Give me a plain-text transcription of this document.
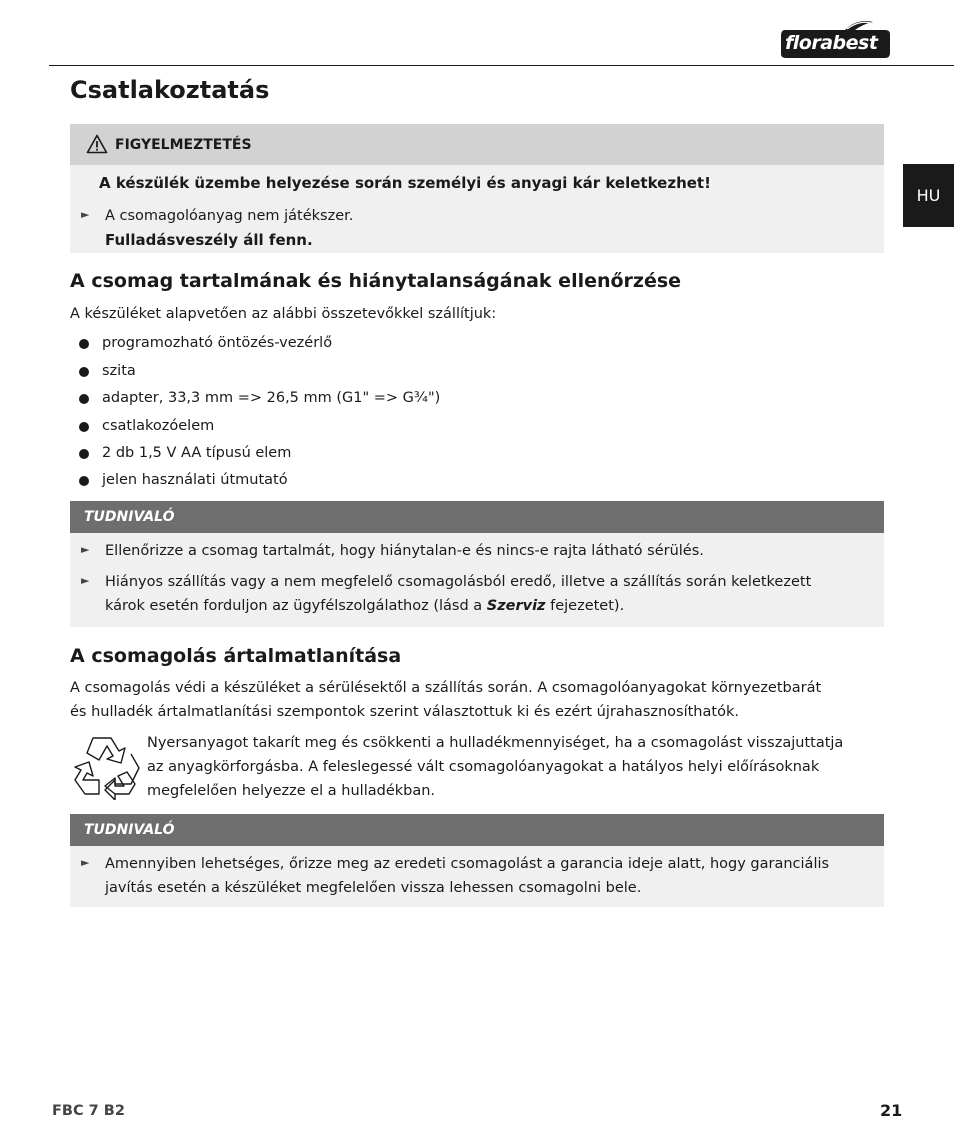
florabest
HU
Csatlakoztatás
FIGYELMEZTETÉS
A készülék üzembe helyezése során személyi és anyagi kár keletkezhet!
► A csomagolóanyag nem játékszer.
Fulladásveszély áll fenn.
A csomag tartalmának és hiánytalanságának ellenőrzése
A készüléket alapvetően az alábbi összetevőkkel szállítjuk:
programozható öntözés-vezérlő
szita
adapter, 33,3 mm => 26,5 mm (G1" => G¾")
csatlakozóelem
2 db 1,5 V AA típusú elem
jelen használati útmutató
TUDNIVALÓ
► Ellenőrizze a csomag tartalmát, hogy hiánytalan-e és nincs-e rajta látható sérülés.
► Hiányos szállítás vagy a nem megfelelő csomagolásból eredő, illetve a szállítás során keletkezett
károk esetén forduljon az ügyfélszolgálathoz (lásd a Szerviz fejezetet).
A csomagolás ártalmatlanítása
A csomagolás védi a készüléket a sérülésektől a szállítás során. A csomagolóanyagokat környezetbarát
és hulladék ártalmatlanítási szempontok szerint választottuk ki és ezért újrahasznosíthatók.
Nyersanyagot takarít meg és csökkenti a hulladékmennyiséget, ha a csomagolást visszajuttatja
az anyagkörforgásba. A feleslegessé vált csomagolóanyagokat a hatályos helyi előírásoknak
megfelelően helyezze el a hulladékban.
TUDNIVALÓ
► Amennyiben lehetséges, őrizze meg az eredeti csomagolást a garancia ideje alatt, hogy garanciális
javítás esetén a készüléket megfelelően vissza lehessen csomagolni bele.
FBC 7 B2	21
